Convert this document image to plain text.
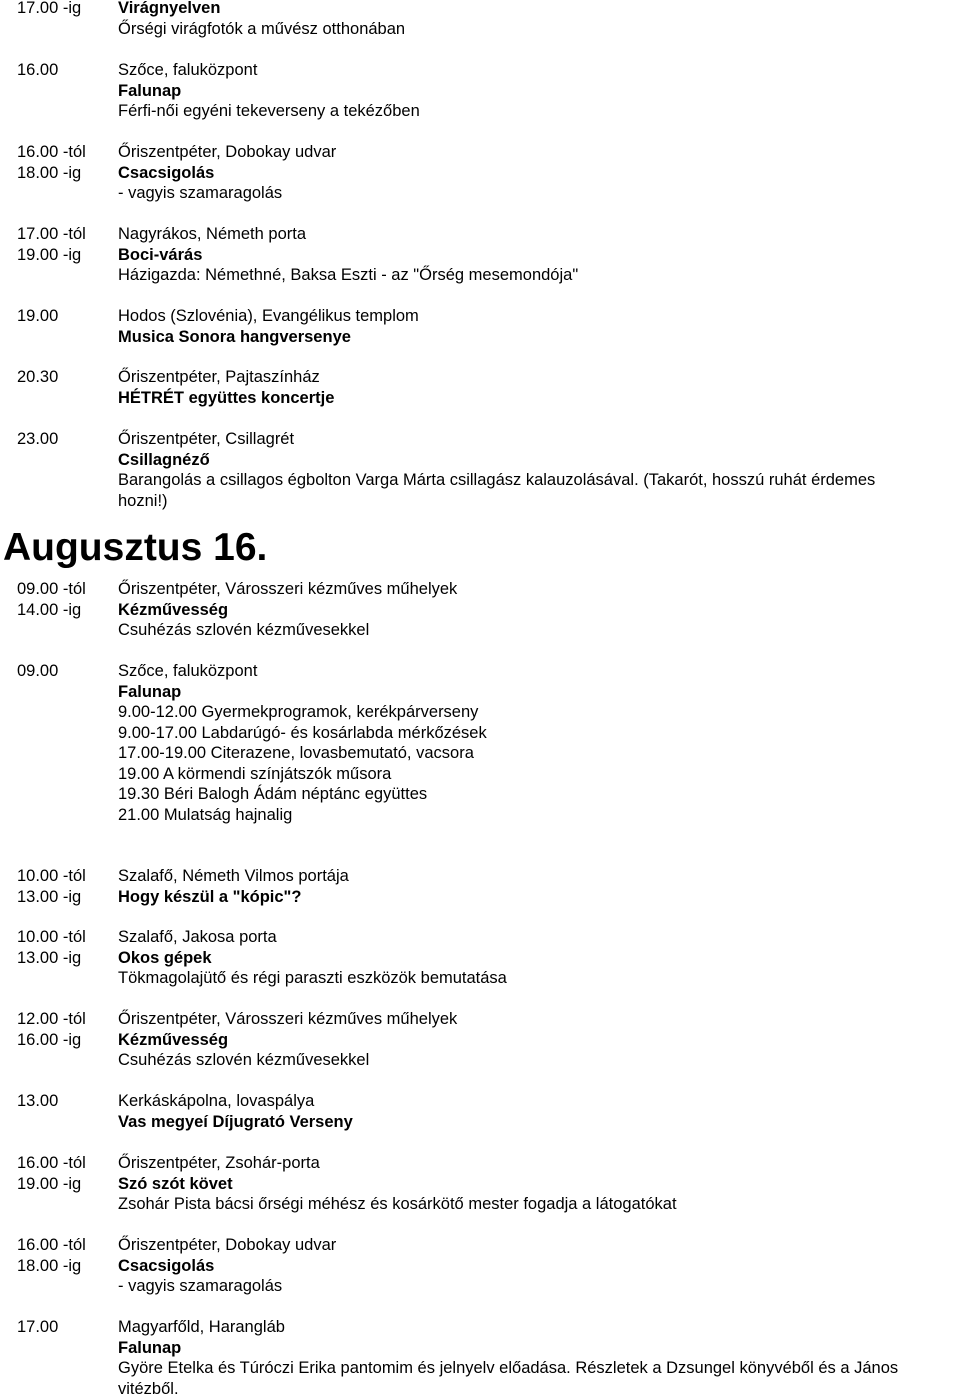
Augusztus 16.
17.00 -ig Virágnyelven
Őrségi virágfotók a művész otthonában
16.00	Szőce, faluközpont
Falunap
Férfi-női egyéni tekeverseny a tekézőben
16.00 -tól Őriszentpéter, Dobokay udvar
18.00 -ig Csacsigolás
- vagyis szamaragolás
17.00 -tól Nagyrákos, Németh porta
19.00 -ig Boci-várás
Házigazda: Némethné, Baksa Eszti - az "Őrség mesemondója"
19.00	Hodos (Szlovénia), Evangélikus templom
Musica Sonora hangversenye
20.30	Őriszentpéter, Pajtaszínház
HÉTRÉT együttes koncertje
23.00	Őriszentpéter, Csillagrét
Csillagnéző
Barangolás a csillagos égbolton Varga Márta csillagász kalauzolásával. (Takarót, hosszú ruhát érdemes
hozni!)
09.00 -tól Őriszentpéter, Városszeri kézműves műhelyek
14.00 -ig Kézművesség
Csuhézás szlovén kézművesekkel
09.00	Szőce, faluközpont
Falunap
9.00-12.00 Gyermekprogramok, kerékpárverseny
9.00-17.00 Labdarúgó- és kosárlabda mérkőzések
17.00-19.00 Citerazene, lovasbemutató, vacsora
19.00 A körmendi színjátszók műsora
19.30 Béri Balogh Ádám néptánc együttes
21.00 Mulatság hajnalig
10.00 -tól Szalafő, Németh Vilmos portája
13.00 -ig Hogy készül a "kópic"?
10.00 -tól Szalafő, Jakosa porta
13.00 -ig Okos gépek
Tökmagolajütő és régi paraszti eszközök bemutatása
12.00 -tól Őriszentpéter, Városszeri kézműves műhelyek
16.00 -ig Kézművesség
Csuhézás szlovén kézművesekkel
13.00	Kerkáskápolna, lovaspálya
Vas megyeí Díjugrató Verseny
16.00 -tól Őriszentpéter, Zsohár-porta
19.00 -ig Szó szót követ
Zsohár Pista bácsi őrségi méhész és kosárkötő mester fogadja a látogatókat
16.00 -tól Őriszentpéter, Dobokay udvar
18.00 -ig Csacsigolás
- vagyis szamaragolás
17.00	Magyarfőld, Harangláb
Falunap
Györe Etelka és Túróczi Erika pantomim és jelnyelv előadása. Részletek a Dzsungel könyvéből és a János
vitézből.
